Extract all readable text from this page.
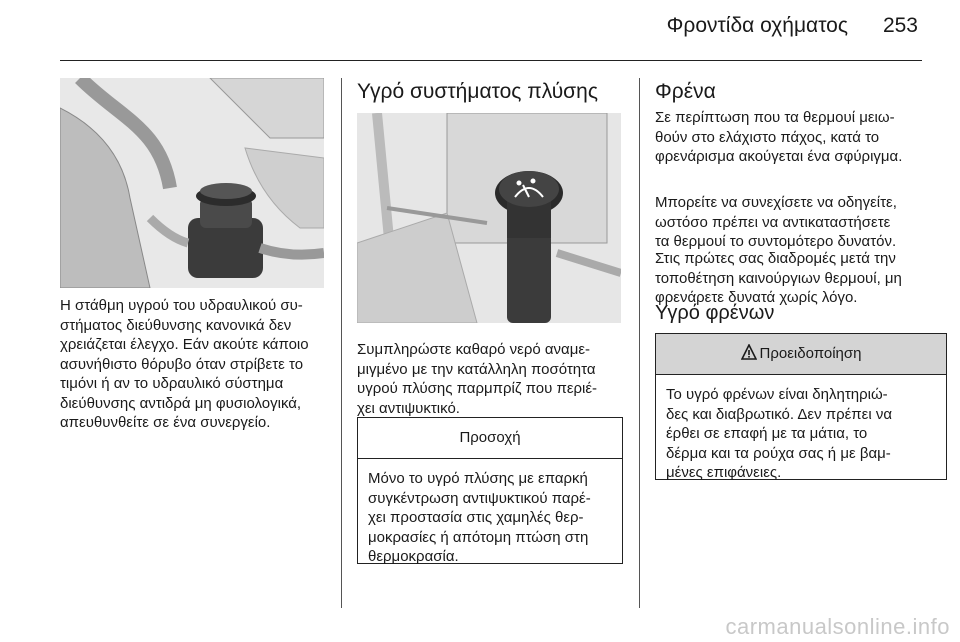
Φροντίδα οχήματος 253

Η στάθμη υγρού του υδραυλικού συ-
στήματος διεύθυνσης κανονικά δεν
χρειάζεται έλεγχο. Εάν ακούτε κάποιο
ασυνήθιστο θόρυβο όταν στρίβετε το
τιμόνι ή αν το υδραυλικό σύστημα
διεύθυνσης αντιδρά μη φυσιολογικά,
απευθυνθείτε σε ένα συνεργείο.

Υγρό συστήματος πλύσης

Συμπληρώστε καθαρό νερό αναμε-
μιγμένο με την κατάλληλη ποσότητα
υγρού πλύσης παρμπρίζ που περιέ-
χει αντιψυκτικό.

Προσοχή
Μόνο το υγρό πλύσης με επαρκή
συγκέντρωση αντιψυκτικού παρέ-
χει προστασία στις χαμηλές θερ-
μοκρασίες ή απότομη πτώση στη
θερμοκρασία.
Φρένα

Σε περίπτωση που τα θερμουί μειω-
θούν στο ελάχιστο πάχος, κατά το
φρενάρισμα ακούγεται ένα σφύριγμα.

Μπορείτε να συνεχίσετε να οδηγείτε,
ωστόσο πρέπει να αντικαταστήσετε
τα θερμουί το συντομότερο δυνατόν.

Στις πρώτες σας διαδρομές μετά την
τοποθέτηση καινούργιων θερμουί, μη
φρενάρετε δυνατά χωρίς λόγο.

Υγρό φρένων
Προειδοποίηση
Το υγρό φρένων είναι δηλητηριώ-
δες και διαβρωτικό. Δεν πρέπει να
έρθει σε επαφή με τα μάτια, το
δέρμα και τα ρούχα σας ή με βαμ-
μένες επιφάνειες.
carmanualsonline.info
